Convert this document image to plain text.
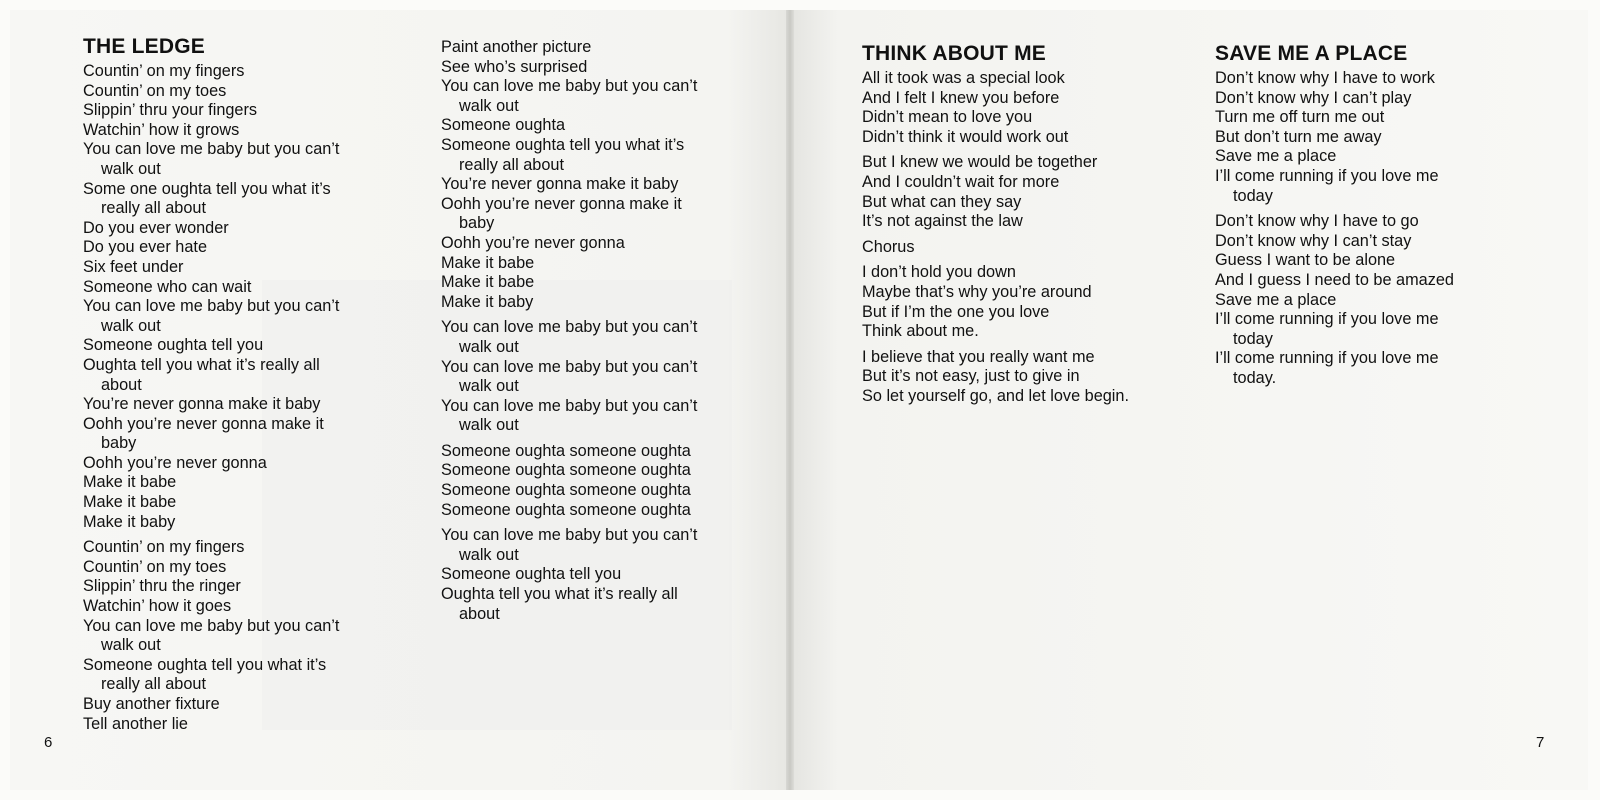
THE LEDGE
Countin’ on my fingers
Countin’ on my toes
Slippin’ thru your fingers
Watchin’ how it grows
You can love me baby but you can’t
walk out
Some one oughta tell you what it’s
really all about
Do you ever wonder
Do you ever hate
Six feet under
Someone who can wait
You can love me baby but you can’t
walk out
Someone oughta tell you
Oughta tell you what it’s really all
about
You’re never gonna make it baby
Oohh you’re never gonna make it
baby
Oohh you’re never gonna
Make it babe
Make it babe
Make it baby
Countin’ on my fingers
Countin’ on my toes
Slippin’ thru the ringer
Watchin’ how it goes
You can love me baby but you can’t
walk out
Someone oughta tell you what it’s
really all about
Buy another fixture
Tell another lie
Paint another picture
See who’s surprised
You can love me baby but you can’t
walk out
Someone oughta
Someone oughta tell you what it’s
really all about
You’re never gonna make it baby
Oohh you’re never gonna make it
baby
Oohh you’re never gonna
Make it babe
Make it babe
Make it baby
You can love me baby but you can’t
walk out
You can love me baby but you can’t
walk out
You can love me baby but you can’t
walk out
Someone oughta someone oughta
Someone oughta someone oughta
Someone oughta someone oughta
Someone oughta someone oughta
You can love me baby but you can’t
walk out
Someone oughta tell you
Oughta tell you what it’s really all
about
6
THINK ABOUT ME
All it took was a special look
And I felt I knew you before
Didn’t mean to love you
Didn’t think it would work out
But I knew we would be together
And I couldn’t wait for more
But what can they say
It’s not against the law
Chorus
I don’t hold you down
Maybe that’s why you’re around
But if I’m the one you love
Think about me.
I believe that you really want me
But it’s not easy, just to give in
So let yourself go, and let love begin.
SAVE ME A PLACE
Don’t know why I have to work
Don’t know why I can’t play
Turn me off turn me out
But don’t turn me away
Save me a place
I’ll come running if you love me
today
Don’t know why I have to go
Don’t know why I can’t stay
Guess I want to be alone
And I guess I need to be amazed
Save me a place
I’ll come running if you love me
today
I’ll come running if you love me
today.
7
